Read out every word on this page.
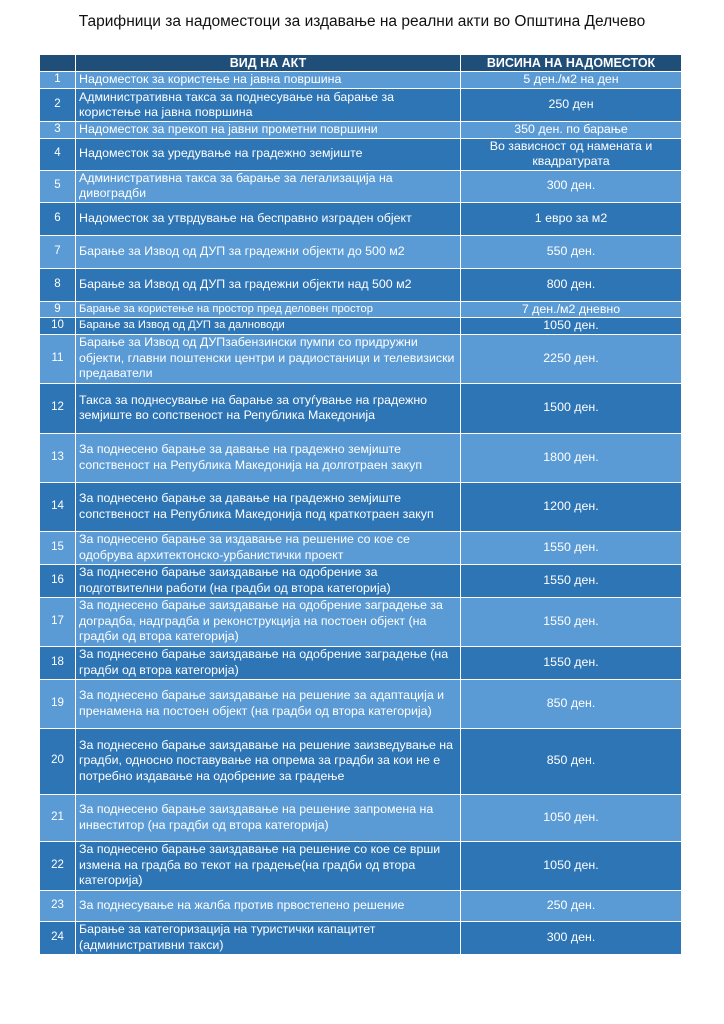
Тарифници за надоместоци за издавање на реални акти во Општина Делчево
	ВИД НА АКТ	ВИСИНА НА НАДОМЕСТОК
1	Надоместок за користење на јавна површина	5 ден./м2 на ден
2	Административна такса за поднесување на барање за користење на јавна површина	250 ден
3	Надоместок за прекоп на јавни прометни површини	350 ден. по барање
4	Надоместок за уредување на градежно земјиште	Во зависност од намената и квадратурата
5	Административна такса за барање за легализација на дивоградби	300 ден.
6	Надоместок за утврдување на бесправно изграден објект	1 евро за м2
7	Барање за Извод од ДУП за градежни објекти до 500 м2	550 ден.
8	Барање за Извод од ДУП за градежни објекти над 500 м2	800 ден.
9	Барање за користење на простор пред деловен простор	7 ден./м2 дневно
10	Барање за Извод од ДУП за далноводи	1050 ден.
11	Барање за Извод од ДУПзабензински пумпи со придружни објекти, главни поштенски центри и радиостаници и телевизиски предаватели	2250 ден.
12	Такса за поднесување на барање за отуѓување на градежно земјиште во сопственост на Република Македонија	1500 ден.
13	За поднесено барање за давање на градежно земјиште сопственост на Република Македонија на долготраен закуп	1800 ден.
14	За поднесено барање за давање на градежно земјиште сопственост на Република Македонија под краткотраен закуп	1200 ден.
15	За поднесено барање за издавање на решение со кое се одобрува архитектонско-урбанистички проект	1550 ден.
16	За поднесено барање заиздавање на одобрение за подготвителни работи (на градби од втора категорија)	1550 ден.
17	За поднесено барање заиздавање на одобрение заградење за доградба, надградба и реконструкција на постоен објект (на градби од втора категорија)	1550 ден.
18	За поднесено барање заиздавање на одобрение заградење (на градби од втора категорија)	1550 ден.
19	За поднесено барање заиздавање на решение за адаптација и пренамена на постоен објект (на градби од втора категорија)	850 ден.
20	За поднесено барање заиздавање на решение заизведување на градби, односно поставување на опрема за градби за кои не е потребно издавање на одобрение за градење	850 ден.
21	За поднесено барање заиздавање на решение запромена на инвеститор (на градби од втора категорија)	1050 ден.
22	За поднесено барање заиздавање на решение со кое се врши измена на градба во текот на градење(на градби од втора категорија)	1050 ден.
23	За поднесување на жалба против првостепено решение	250 ден.
24	Барање за категоризација на туристички капацитет (административни такси)	300 ден.
